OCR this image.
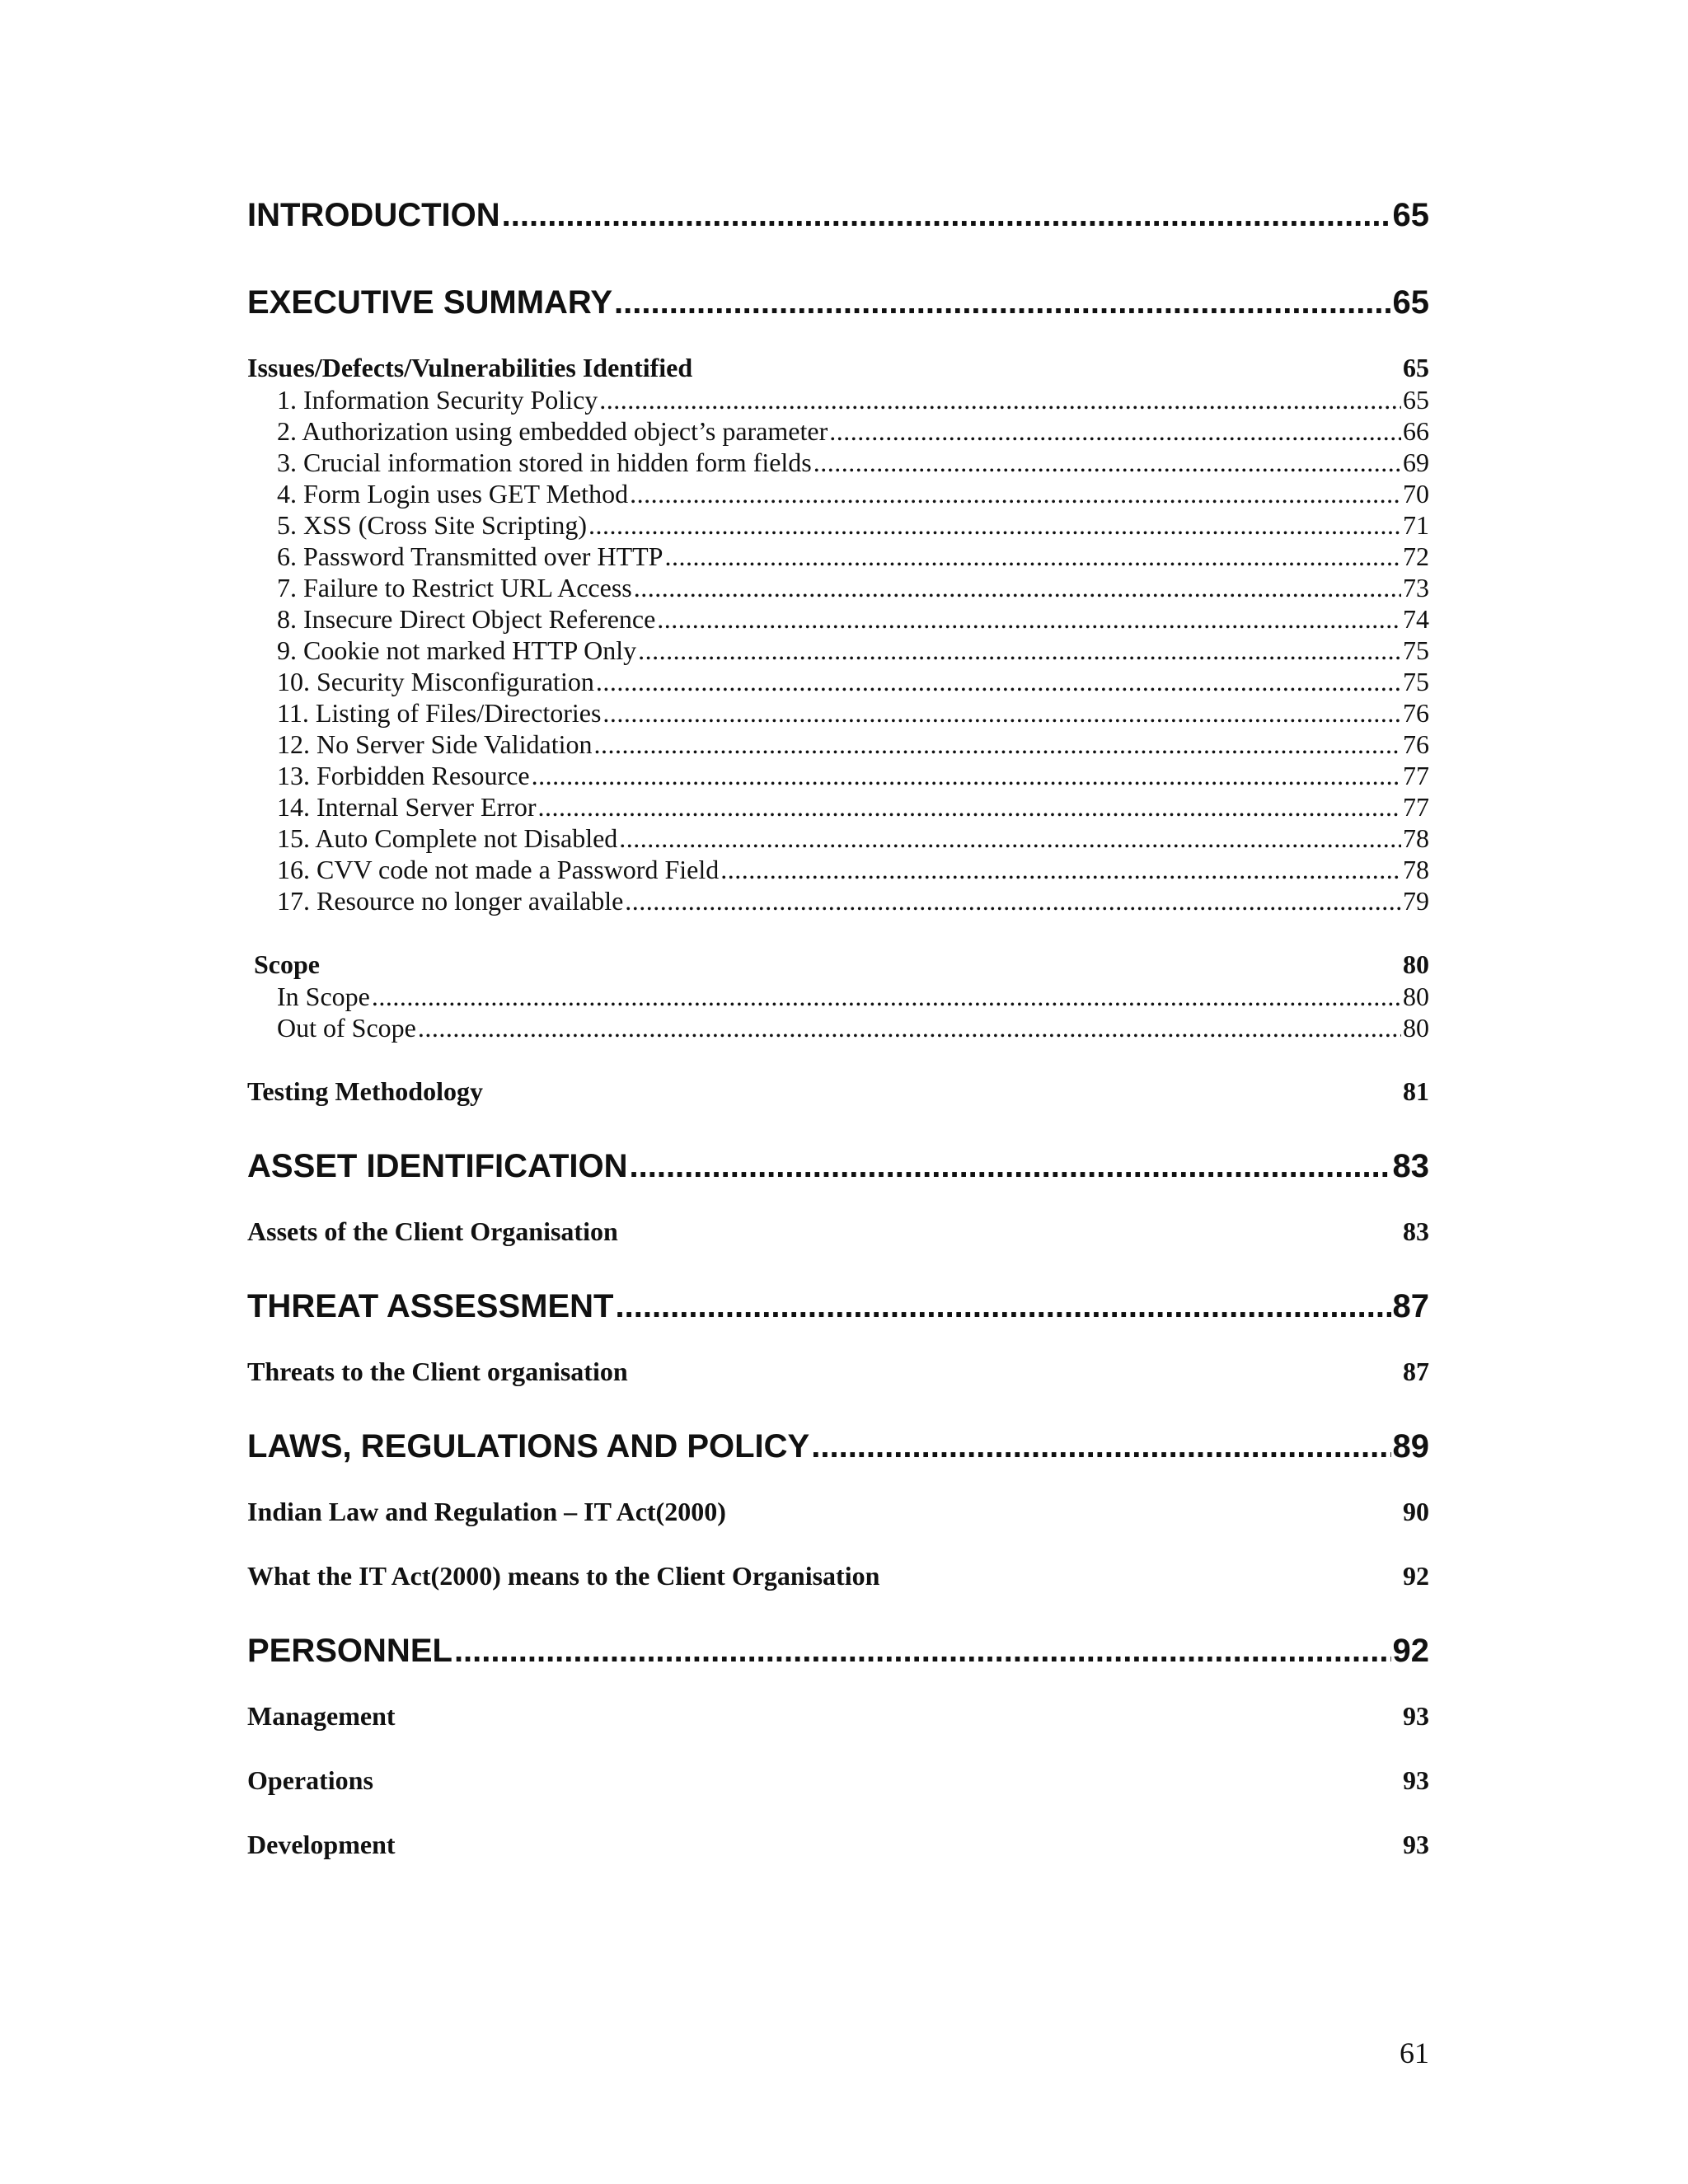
INTRODUCTION .....	65
EXECUTIVE SUMMARY .....	65
Issues/Defects/Vulnerabilities Identified	65
1. Information Security Policy .....	65
2. Authorization using embedded object’s parameter .....	66
3. Crucial information stored in hidden form fields .....	69
4. Form Login uses GET Method .....	70
5. XSS (Cross Site Scripting) .....	71
6. Password Transmitted over HTTP .....	72
7. Failure to Restrict URL Access .....	73
8. Insecure Direct Object Reference .....	74
9. Cookie not marked HTTP Only .....	75
10. Security Misconfiguration .....	75
11. Listing of Files/Directories .....	76
12. No Server Side Validation .....	76
13. Forbidden Resource .....	77
14. Internal Server Error .....	77
15. Auto Complete not Disabled .....	78
16. CVV code not made a Password Field .....	78
17. Resource no longer available .....	79
Scope	80
In Scope .....	80
Out of Scope .....	80
Testing Methodology	81
ASSET IDENTIFICATION .....	83
Assets of the Client Organisation	83
THREAT ASSESSMENT .....	87
Threats to the Client organisation	87
LAWS, REGULATIONS AND POLICY .....	89
Indian Law and Regulation – IT Act(2000)	90
What the IT Act(2000) means to the Client Organisation	92
PERSONNEL .....	92
Management	93
Operations	93
Development	93
61
